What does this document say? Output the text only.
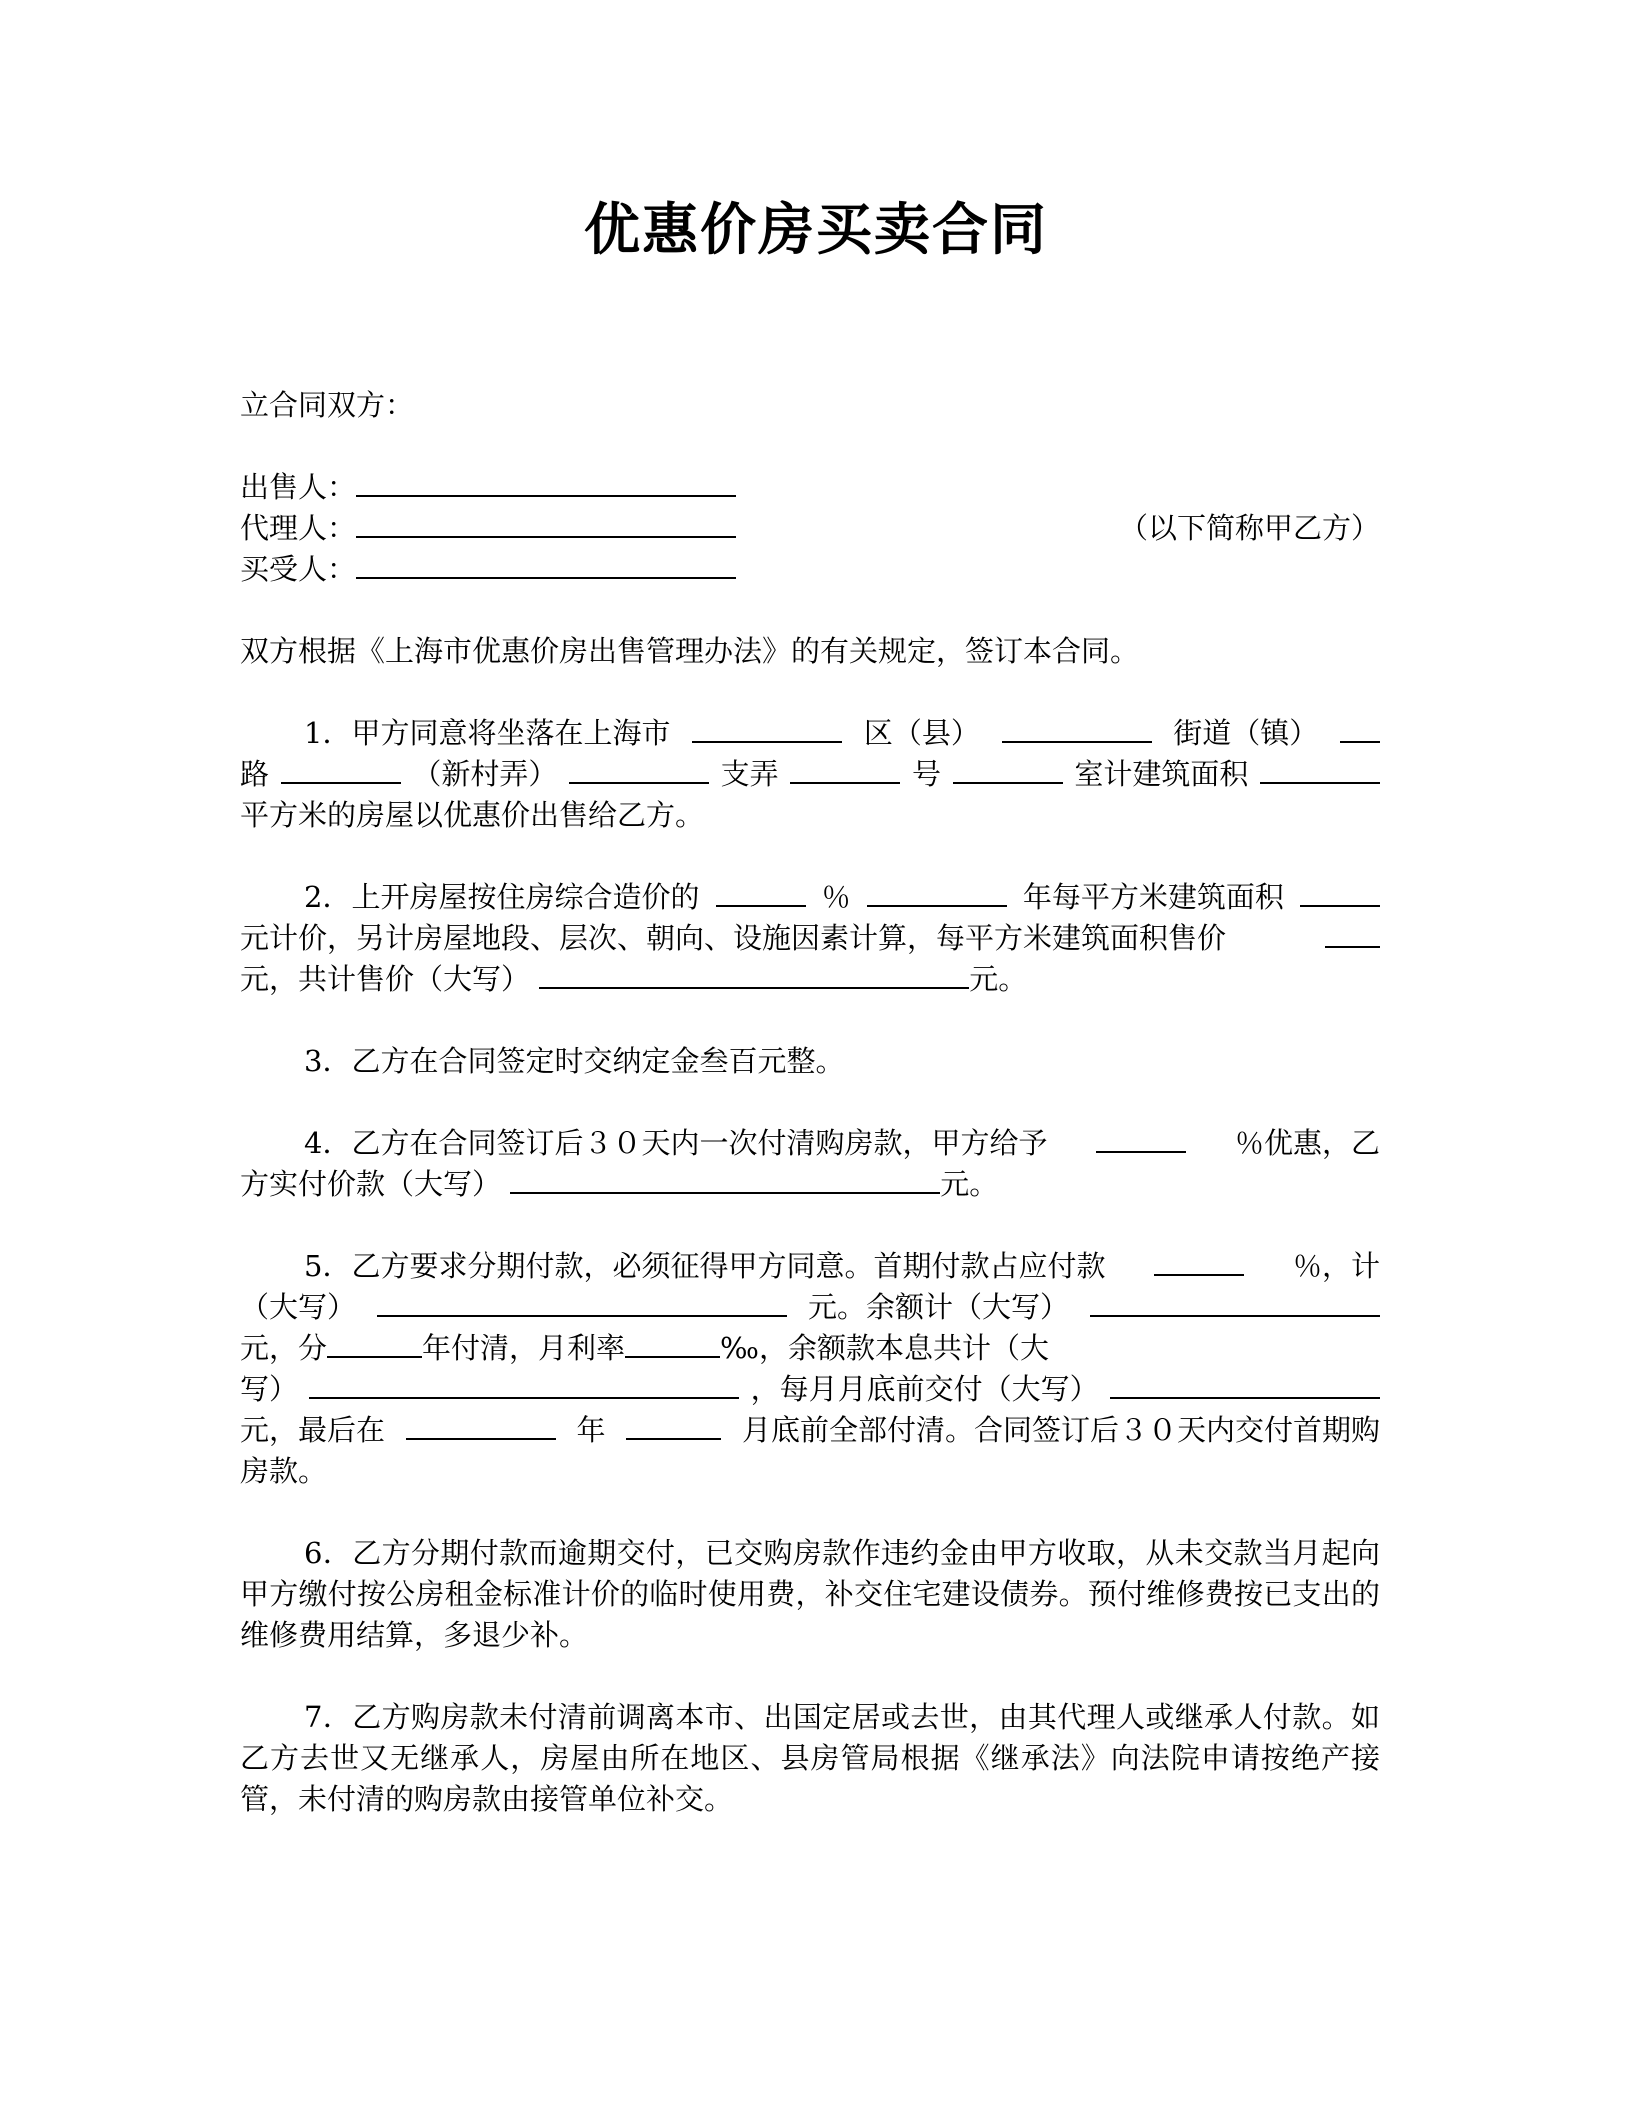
优惠价房买卖合同
立合同双方：
出售人：
代理人：	（以下简称甲乙方）
买受人：
双方根据《上海市优惠价房出售管理办法》的有关规定，签订本合同。
1．甲方同意将坐落在上海市	区（县）	街道（镇）
路	（新村弄）	支弄	号	室计建筑面积
平方米的房屋以优惠价出售给乙方。
2．上开房屋按住房综合造价的	％	年每平方米建筑面积
元计价，另计房屋地段、层次、朝向、设施因素计算，每平方米建筑面积售价
元，共计售价（大写）	元。
3．乙方在合同签定时交纳定金叁百元整。
4．乙方在合同签订后３０天内一次付清购房款，甲方给予	％优惠，乙
方实付价款（大写）	元。
5．乙方要求分期付款，必须征得甲方同意。首期付款占应付款	％，计
（大写）	元。余额计（大写）
元，分	年付清，月利率	‰，余额款本息共计（大
写）	，每月月底前交付（大写）
元，最后在	年	月底前全部付清。合同签订后３０天内交付首期购
房款。

6．乙方分期付款而逾期交付，已交购房款作违约金由甲方收取，从未交款当月起向甲方缴付按公房租金标准计价的临时使用费，补交住宅建设债券。预付维修费按已支出的维修费用结算，多退少补。

7．乙方购房款未付清前调离本市、出国定居或去世，由其代理人或继承人付款。如乙方去世又无继承人，房屋由所在地区、县房管局根据《继承法》向法院申请按绝产接管，未付清的购房款由接管单位补交。
